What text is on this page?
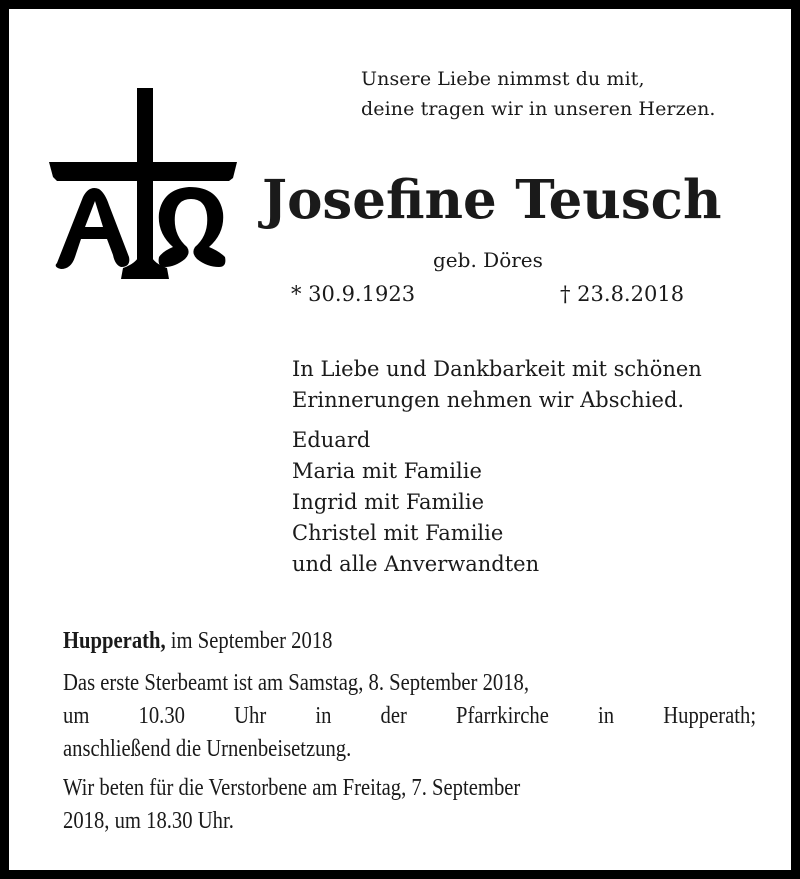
Unsere Liebe nimmst du mit,
deine tragen wir in unseren Herzen.
Josefine Teusch
geb. Döres
* 30.9.1923	† 23.8.2018
In Liebe und Dankbarkeit mit schönen
Erinnerungen nehmen wir Abschied.
Eduard
Maria mit Familie
Ingrid mit Familie
Christel mit Familie
und alle Anverwandten
Hupperath, im September 2018
Das erste Sterbeamt ist am Samstag, 8. September 2018,
um 10.30 Uhr in der Pfarrkirche in Hupperath;
anschließend die Urnenbeisetzung.
Wir beten für die Verstorbene am Freitag, 7. September
2018, um 18.30 Uhr.
